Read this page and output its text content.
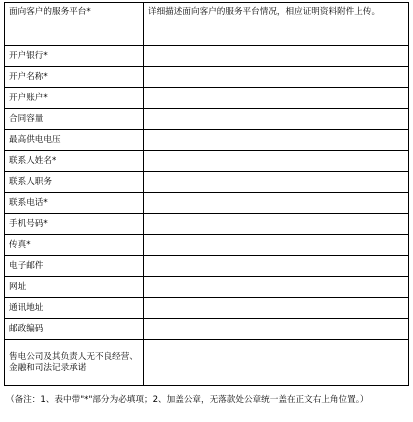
面向客户的服务平台*	详细描述面向客户的服务平台情况，相应证明资料附件上传。
开户银行*	
开户名称*	
开户账户*	
合同容量	
最高供电电压	
联系人姓名*	
联系人职务	
联系电话*	
手机号码*	
传真*	
电子邮件	
网址	
通讯地址	
邮政编码	
售电公司及其负责人无不良经营、金融和司法记录承诺	
（备注：1、表中带"*"部分为必填项；2、加盖公章，无落款处公章统一盖在正文右上角位置。）
